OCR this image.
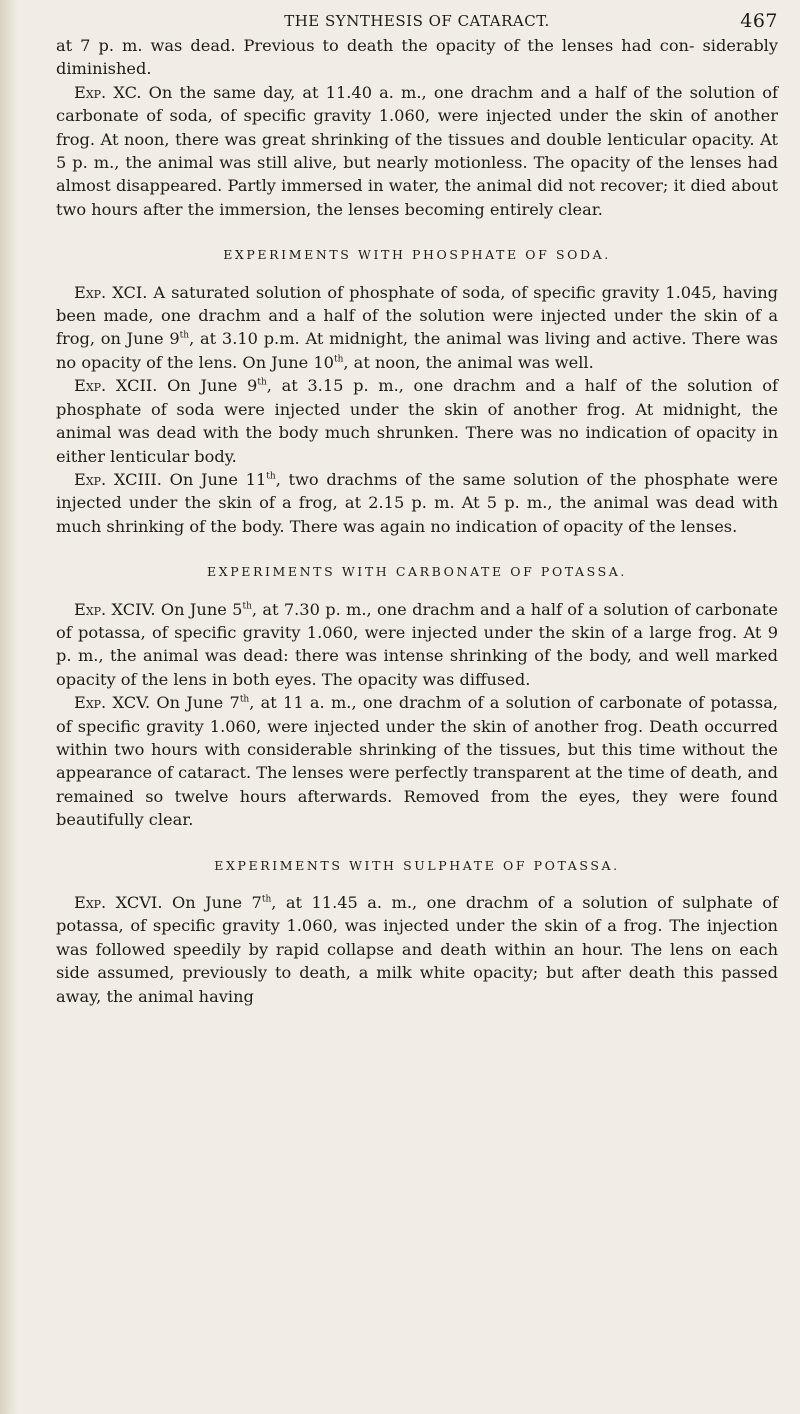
THE SYNTHESIS OF CATARACT.	467

at 7 p. m. was dead. Previous to death the opacity of the lenses had con- siderably diminished.

Exp. XC. On the same day, at 11.40 a. m., one drachm and a half of the solution of carbonate of soda, of specific gravity 1.060, were injected under the skin of another frog. At noon, there was great shrinking of the tissues and double lenticular opacity. At 5 p. m., the animal was still alive, but nearly motionless. The opacity of the lenses had almost disappeared. Partly immersed in water, the animal did not recover; it died about two hours after the immersion, the lenses becoming entirely clear.

EXPERIMENTS WITH PHOSPHATE OF SODA.

Exp. XCI. A saturated solution of phosphate of soda, of specific gravity 1.045, having been made, one drachm and a half of the solution were injected under the skin of a frog, on June 9th, at 3.10 p.m. At midnight, the animal was living and active. There was no opacity of the lens. On June 10th, at noon, the animal was well.

Exp. XCII. On June 9th, at 3.15 p. m., one drachm and a half of the solution of phosphate of soda were injected under the skin of another frog. At midnight, the animal was dead with the body much shrunken. There was no indication of opacity in either lenticular body.

Exp. XCIII. On June 11th, two drachms of the same solution of the phosphate were injected under the skin of a frog, at 2.15 p. m. At 5 p. m., the animal was dead with much shrinking of the body. There was again no indication of opacity of the lenses.

EXPERIMENTS WITH CARBONATE OF POTASSA.

Exp. XCIV. On June 5th, at 7.30 p. m., one drachm and a half of a solution of carbonate of potassa, of specific gravity 1.060, were injected under the skin of a large frog. At 9 p. m., the animal was dead: there was intense shrinking of the body, and well marked opacity of the lens in both eyes. The opacity was diffused.

Exp. XCV. On June 7th, at 11 a. m., one drachm of a solution of carbonate of potassa, of specific gravity 1.060, were injected under the skin of another frog. Death occurred within two hours with considerable shrinking of the tissues, but this time without the appearance of cataract. The lenses were perfectly transparent at the time of death, and remained so twelve hours afterwards. Removed from the eyes, they were found beautifully clear.

EXPERIMENTS WITH SULPHATE OF POTASSA.

Exp. XCVI. On June 7th, at 11.45 a. m., one drachm of a solution of sulphate of potassa, of specific gravity 1.060, was injected under the skin of a frog. The injection was followed speedily by rapid collapse and death within an hour. The lens on each side assumed, previously to death, a milk white opacity; but after death this passed away, the animal having
